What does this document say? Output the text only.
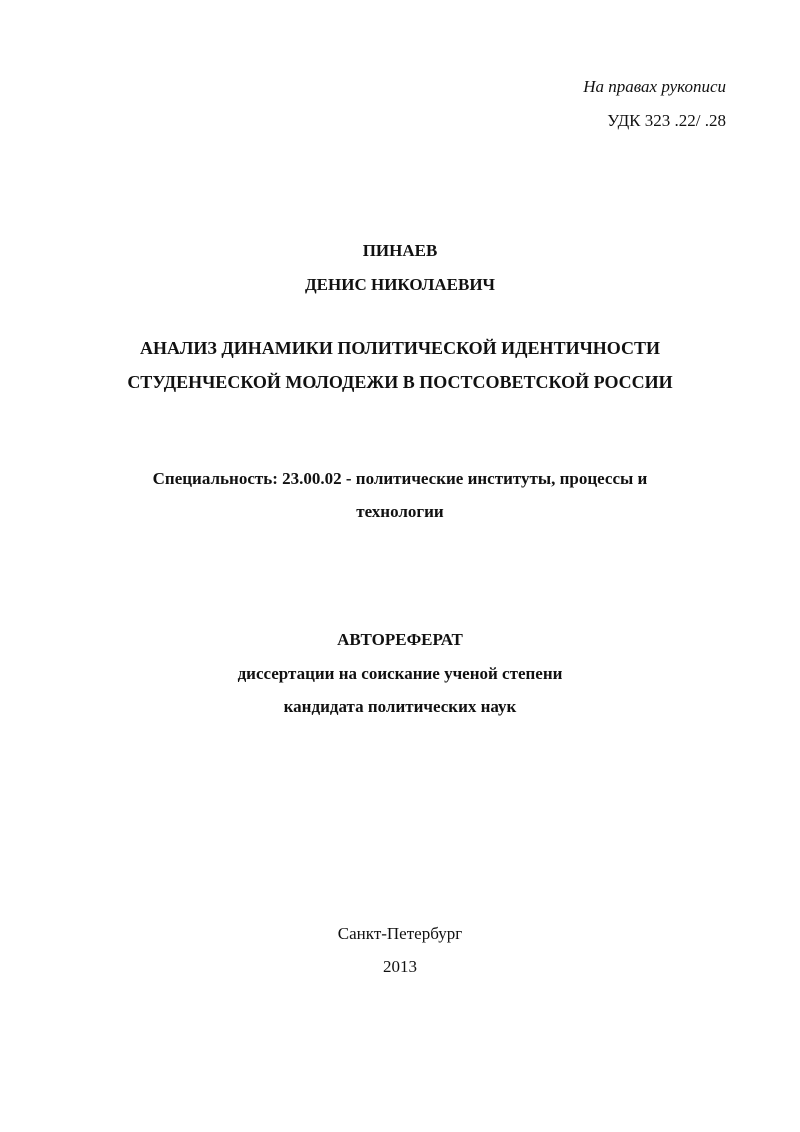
На правах рукописи
УДК 323 .22/ .28
ПИНАЕВ
ДЕНИС НИКОЛАЕВИЧ
АНАЛИЗ ДИНАМИКИ ПОЛИТИЧЕСКОЙ ИДЕНТИЧНОСТИ
СТУДЕНЧЕСКОЙ МОЛОДЕЖИ В ПОСТСОВЕТСКОЙ РОССИИ
Специальность: 23.00.02 - политические институты, процессы и
технологии
АВТОРЕФЕРАТ
диссертации на соискание ученой степени
кандидата политических наук
Санкт-Петербург
2013
